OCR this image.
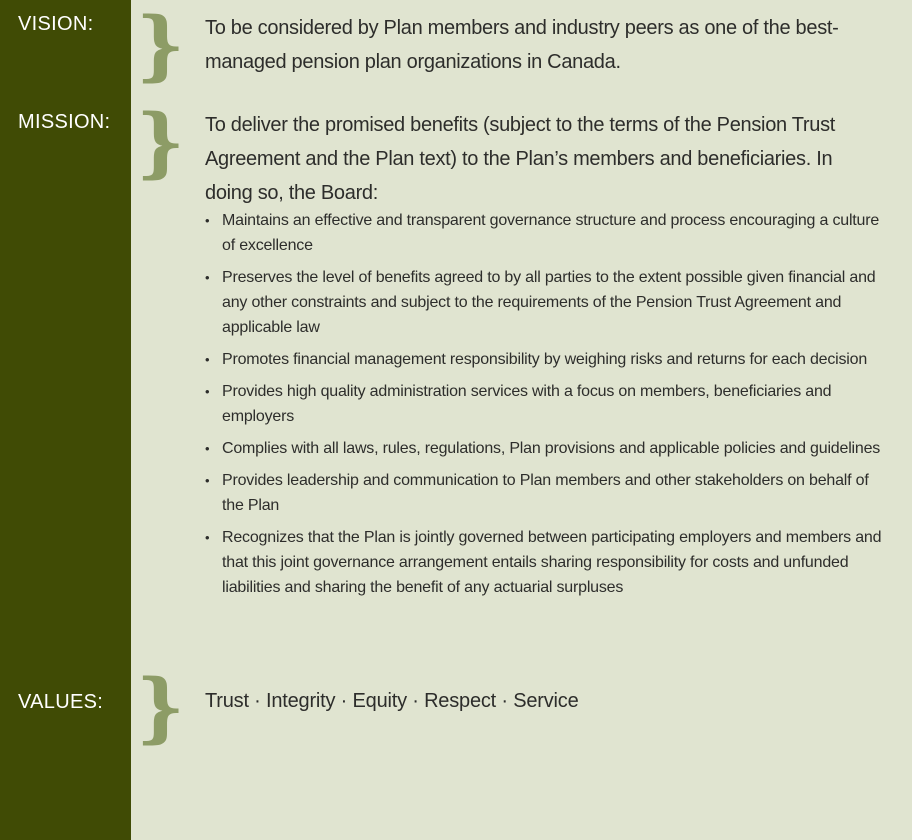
VISION:
MISSION:
VALUES:
}
}
}
To be considered by Plan members and industry peers as one of the best-managed pension plan organizations in Canada.
To deliver the promised benefits (subject to the terms of the Pension Trust Agreement and the Plan text) to the Plan’s members and beneficiaries. In doing so, the Board:
• Maintains an effective and transparent governance structure and process encouraging a culture of excellence
• Preserves the level of benefits agreed to by all parties to the extent possible given financial and any other constraints and subject to the requirements of the Pension Trust Agreement and applicable law
• Promotes financial management responsibility by weighing risks and returns for each decision
• Provides high quality administration services with a focus on members, beneficiaries and employers
• Complies with all laws, rules, regulations, Plan provisions and applicable policies and guidelines
• Provides leadership and communication to Plan members and other stakeholders on behalf of the Plan
• Recognizes that the Plan is jointly governed between participating employers and members and that this joint governance arrangement entails sharing responsibility for costs and unfunded liabilities and sharing the benefit of any actuarial surpluses
Trust · Integrity · Equity · Respect · Service
